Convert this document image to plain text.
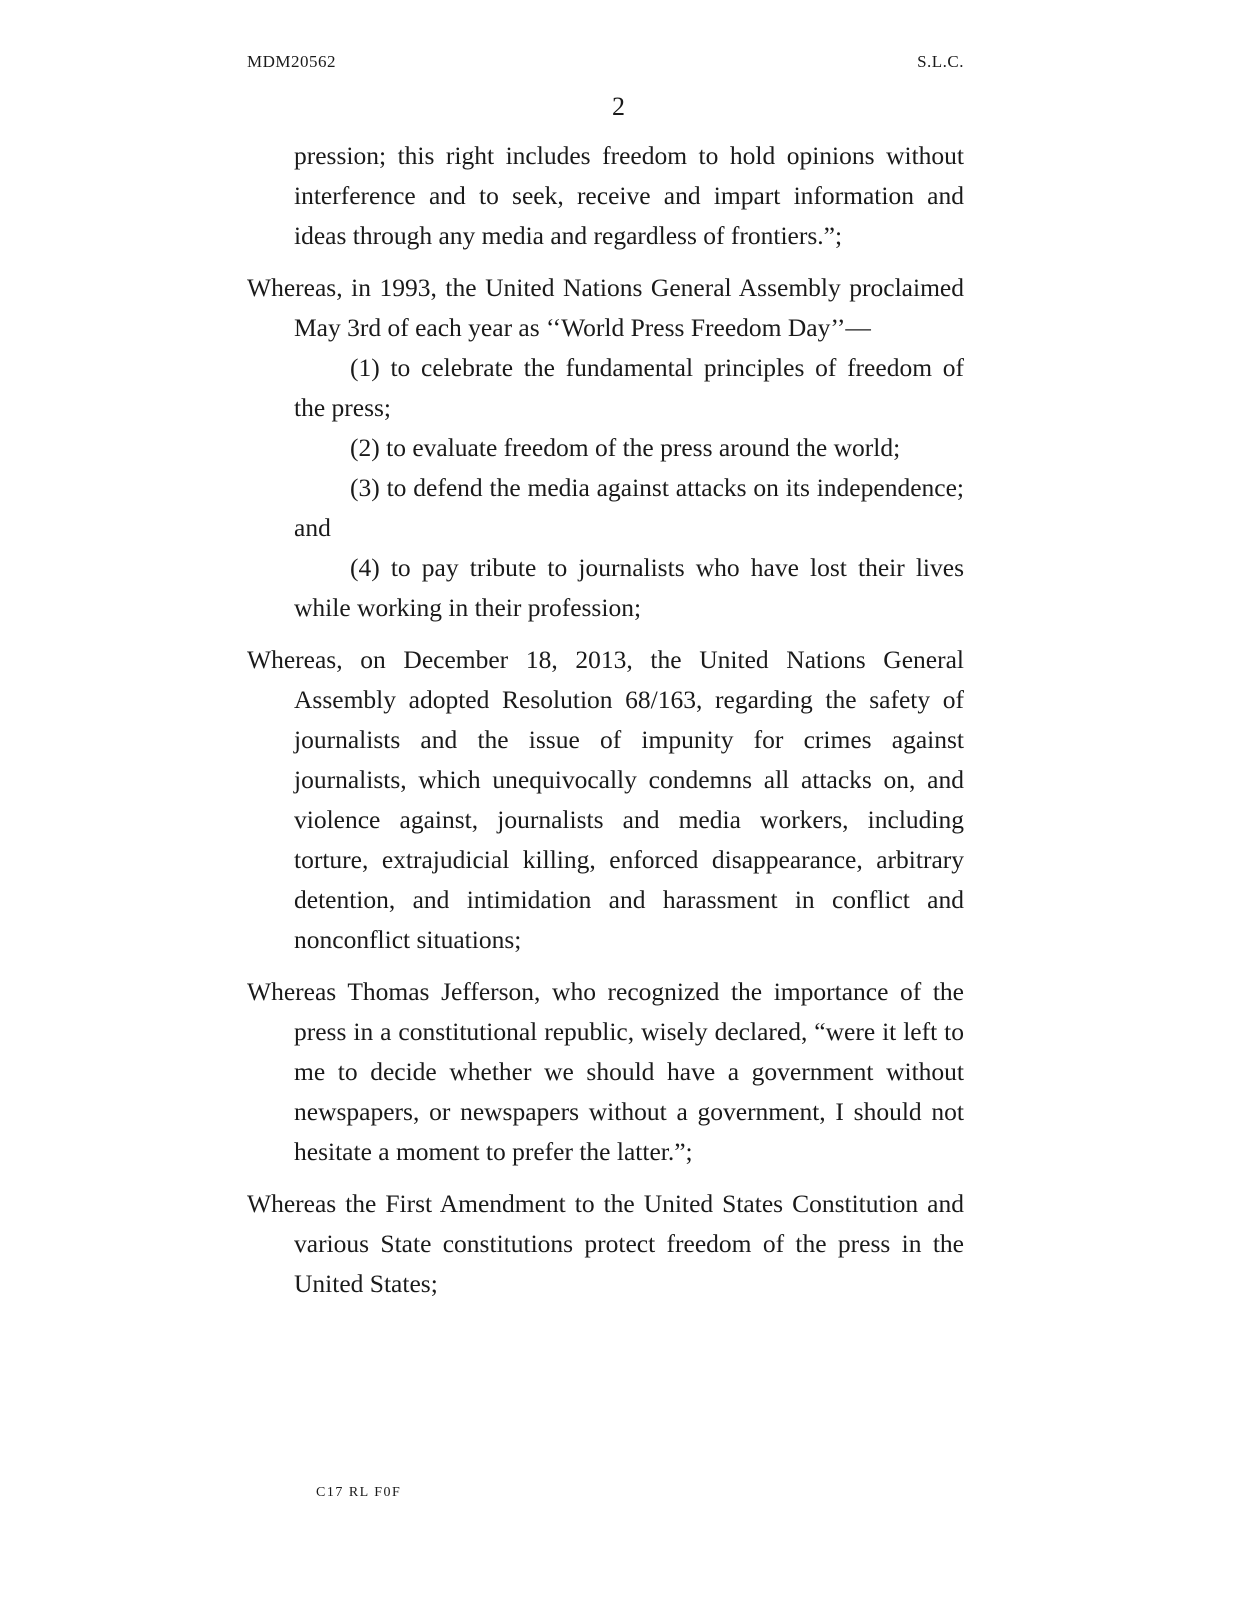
MDM20562	S.L.C.
2
pression; this right includes freedom to hold opinions without interference and to seek, receive and impart information and ideas through any media and regardless of frontiers.”;
Whereas, in 1993, the United Nations General Assembly proclaimed May 3rd of each year as ‘‘World Press Freedom Day’’—
(1) to celebrate the fundamental principles of freedom of the press;
(2) to evaluate freedom of the press around the world;
(3) to defend the media against attacks on its independence; and
(4) to pay tribute to journalists who have lost their lives while working in their profession;
Whereas, on December 18, 2013, the United Nations General Assembly adopted Resolution 68/163, regarding the safety of journalists and the issue of impunity for crimes against journalists, which unequivocally condemns all attacks on, and violence against, journalists and media workers, including torture, extrajudicial killing, enforced disappearance, arbitrary detention, and intimidation and harassment in conflict and nonconflict situations;
Whereas Thomas Jefferson, who recognized the importance of the press in a constitutional republic, wisely declared, “were it left to me to decide whether we should have a government without newspapers, or newspapers without a government, I should not hesitate a moment to prefer the latter.”;
Whereas the First Amendment to the United States Constitution and various State constitutions protect freedom of the press in the United States;
C17 RL F0F
